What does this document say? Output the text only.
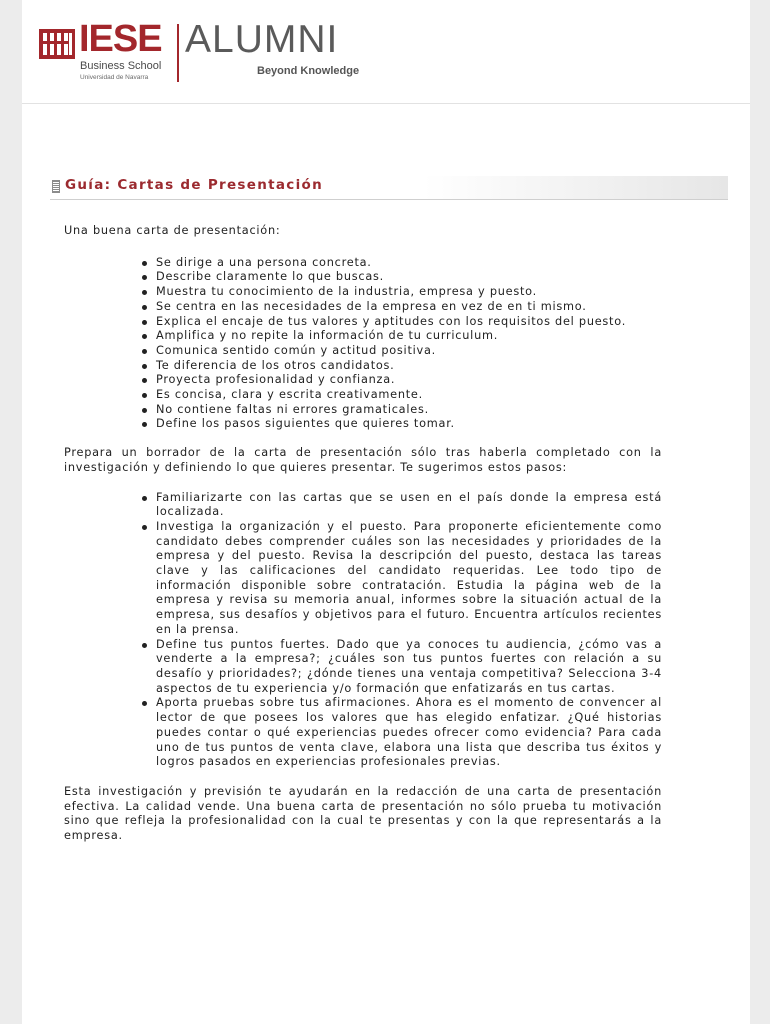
IESE
Business School
Universidad de Navarra
ALUMNI
Beyond Knowledge
Guía: Cartas de Presentación

Una buena carta de presentación:

Se dirige a una persona concreta.
Describe claramente lo que buscas.
Muestra tu conocimiento de la industria, empresa y puesto.
Se centra en las necesidades de la empresa en vez de en ti mismo.
Explica el encaje de tus valores y aptitudes con los requisitos del puesto.
Amplifica y no repite la información de tu curriculum.
Comunica sentido común y actitud positiva.
Te diferencia de los otros candidatos.
Proyecta profesionalidad y confianza.
Es concisa, clara y escrita creativamente.
No contiene faltas ni errores gramaticales.
Define los pasos siguientes que quieres tomar.

Prepara un borrador de la carta de presentación sólo tras haberla completado con la investigación y definiendo lo que quieres presentar. Te sugerimos estos pasos:

Familiarizarte con las cartas que se usen en el país donde la empresa está localizada.
Investiga la organización y el puesto. Para proponerte eficientemente como candidato debes comprender cuáles son las necesidades y prioridades de la empresa y del puesto. Revisa la descripción del puesto, destaca las tareas clave y las calificaciones del candidato requeridas. Lee todo tipo de información disponible sobre contratación. Estudia la página web de la empresa y revisa su memoria anual, informes sobre la situación actual de la empresa, sus desafíos y objetivos para el futuro. Encuentra artículos recientes en la prensa.
Define tus puntos fuertes. Dado que ya conoces tu audiencia, ¿cómo vas a venderte a la empresa?; ¿cuáles son tus puntos fuertes con relación a su desafío y prioridades?; ¿dónde tienes una ventaja competitiva? Selecciona 3-4 aspectos de tu experiencia y/o formación que enfatizarás en tus cartas.
Aporta pruebas sobre tus afirmaciones. Ahora es el momento de convencer al lector de que posees los valores que has elegido enfatizar. ¿Qué historias puedes contar o qué experiencias puedes ofrecer como evidencia? Para cada uno de tus puntos de venta clave, elabora una lista que describa tus éxitos y logros pasados en experiencias profesionales previas.

Esta investigación y previsión te ayudarán en la redacción de una carta de presentación efectiva. La calidad vende. Una buena carta de presentación no sólo prueba tu motivación sino que refleja la profesionalidad con la cual te presentas y con la que representarás a la empresa.
